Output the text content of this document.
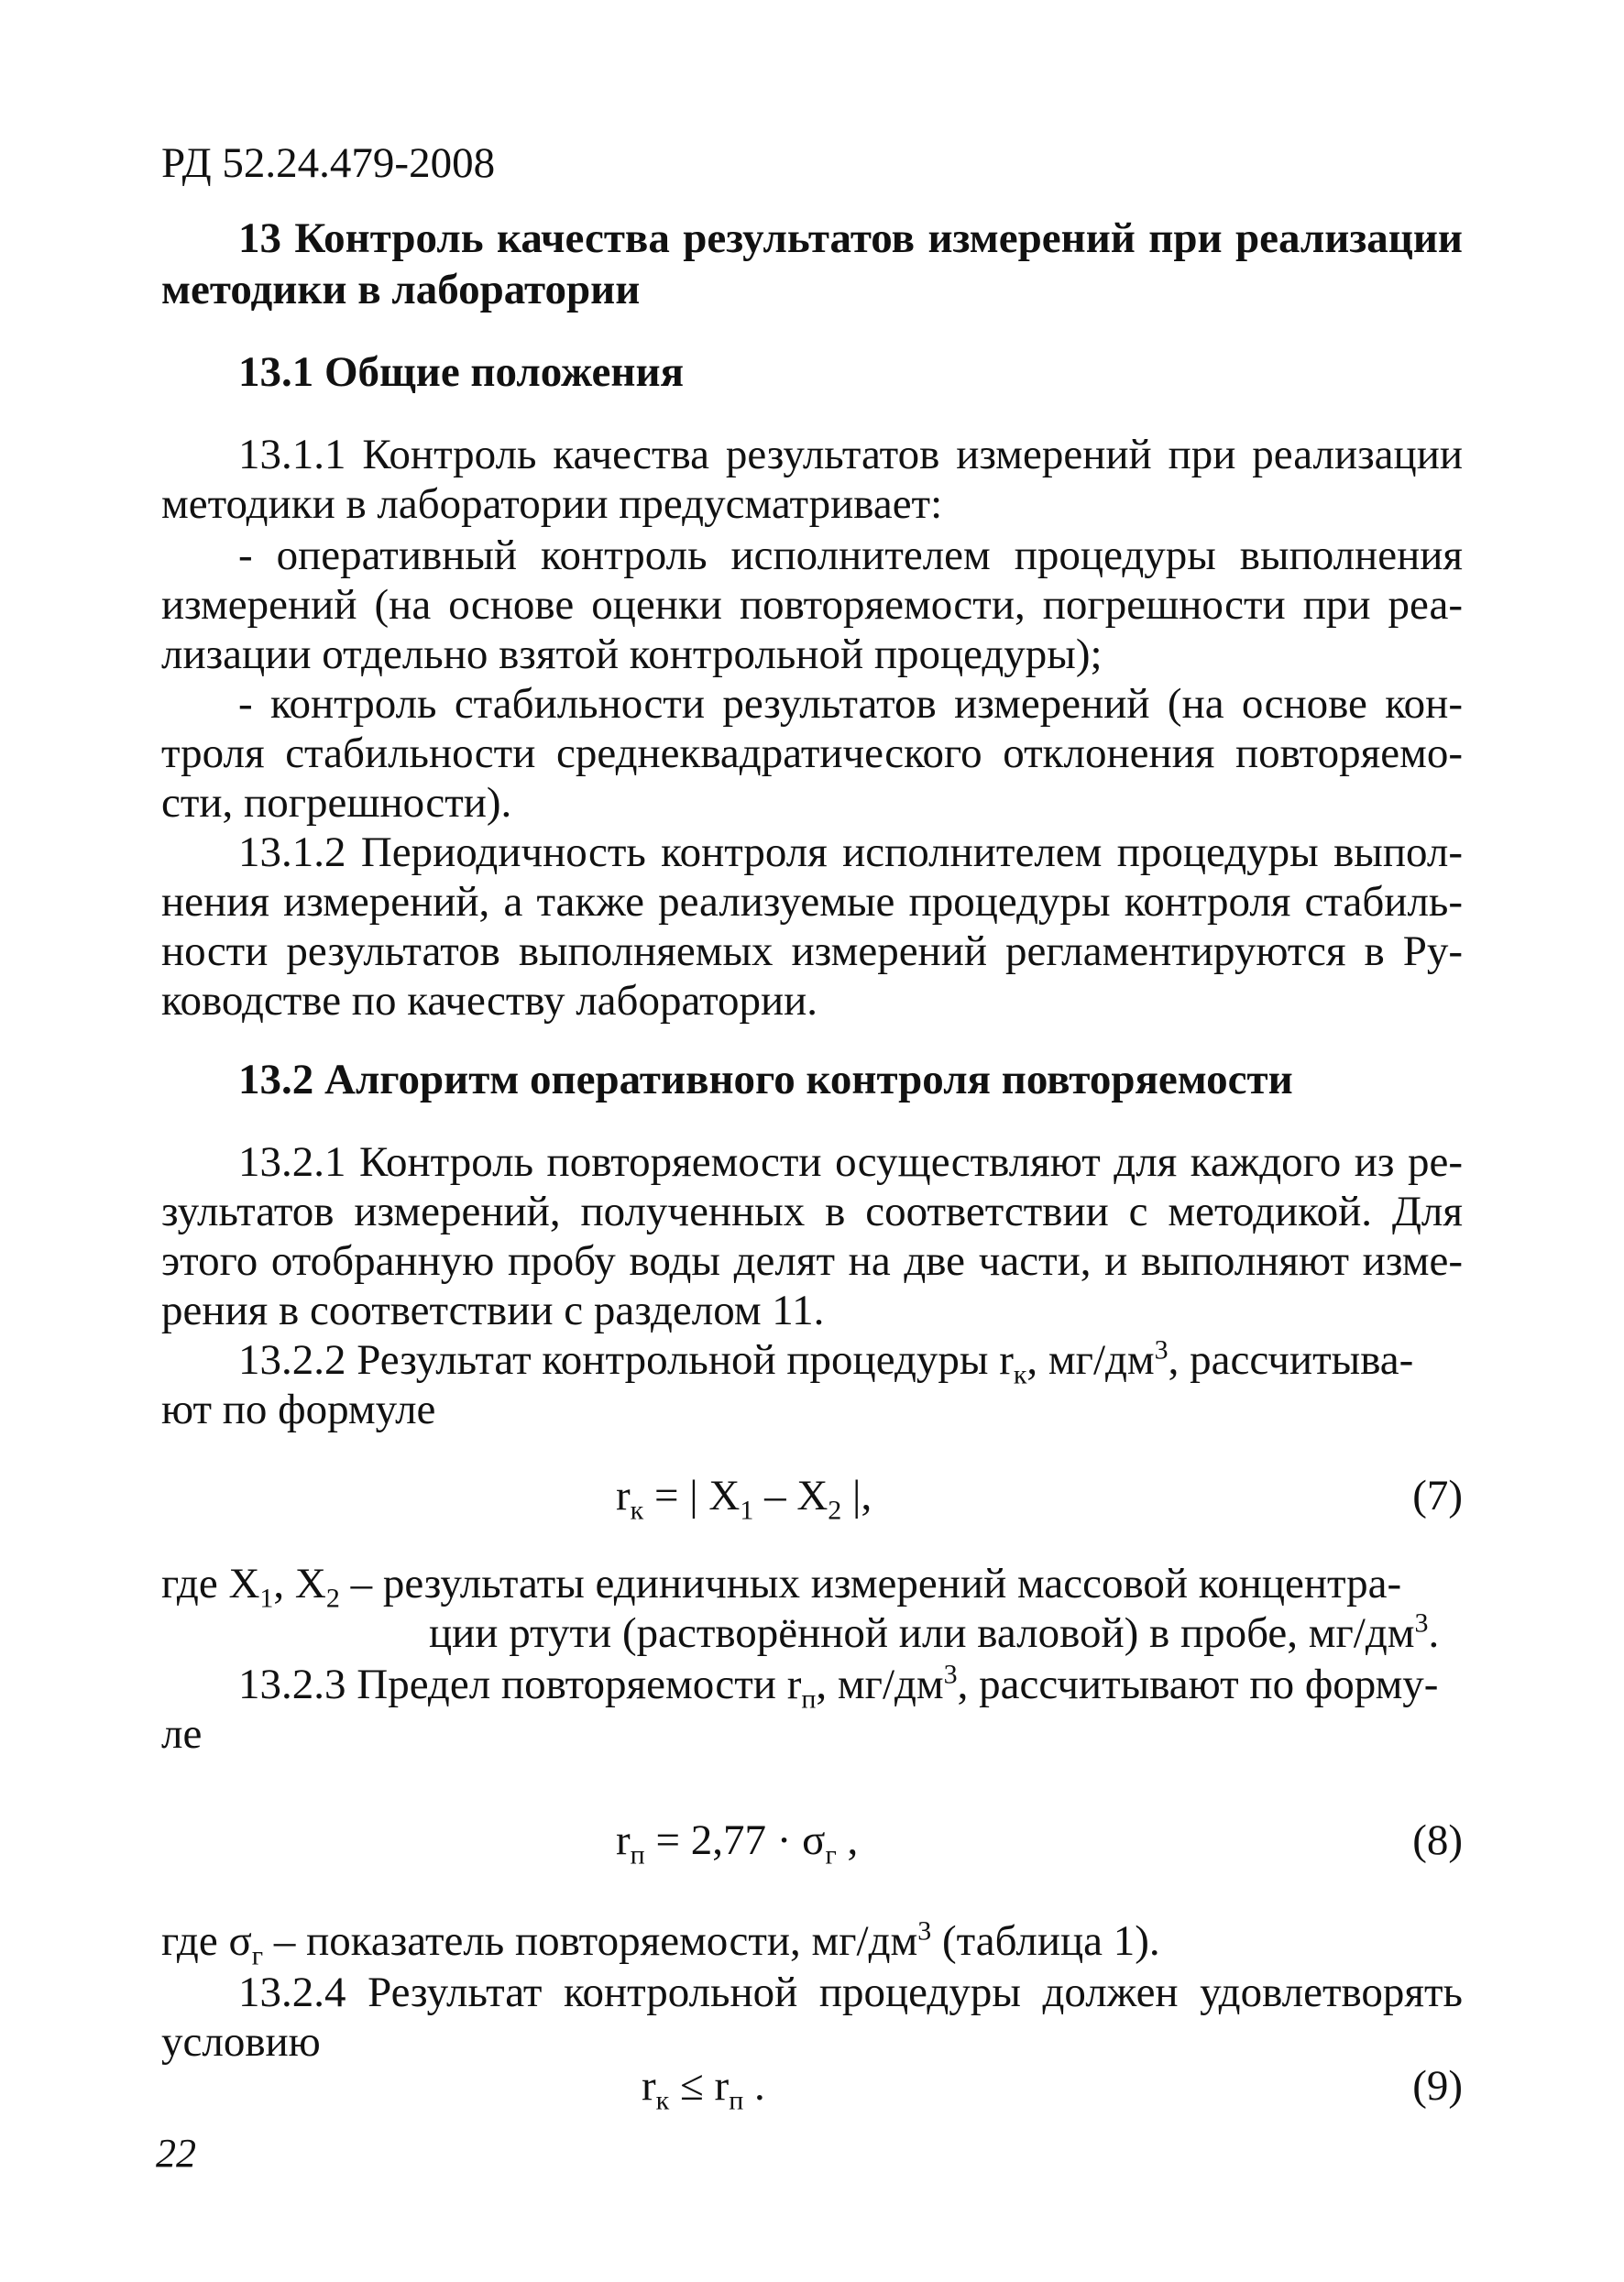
РД 52.24.479-2008
13 Контроль качества результатов измерений при реализации
методики в лаборатории
13.1 Общие положения
13.1.1 Контроль качества результатов измерений при реализации
методики в лаборатории предусматривает:
- оперативный контроль исполнителем процедуры выполнения
измерений (на основе оценки повторяемости, погрешности при реа-
лизации отдельно взятой контрольной процедуры);
- контроль стабильности результатов измерений (на основе кон-
троля стабильности среднеквадратического отклонения повторяемо-
сти, погрешности).
13.1.2 Периодичность контроля исполнителем процедуры выпол-
нения измерений, а также реализуемые процедуры контроля стабиль-
ности результатов выполняемых измерений регламентируются в Ру-
ководстве по качеству лаборатории.
13.2 Алгоритм оперативного контроля повторяемости
13.2.1 Контроль повторяемости осуществляют для каждого из ре-
зультатов измерений, полученных в соответствии с методикой. Для
этого отобранную пробу воды делят на две части, и выполняют изме-
рения в соответствии с разделом 11.
13.2.2 Результат контрольной процедуры $r_к$, $мг/дм^3$, рассчитыва-
ют по формуле
$r_к$ = | $X_1 - X_2$ |,	(7)
где $X_1$, $X_2$ – результаты единичных измерений массовой концентра-
ции ртути (растворённой или валовой) в пробе, $мг/дм^3$.
13.2.3 Предел повторяемости $r_п$, $мг/дм^3$, рассчитывают по форму-
ле
$r_п = 2,77 \cdot \sigma_г$ ,	(8)
где $\sigma_г$ – показатель повторяемости, $мг/дм^3$ (таблица 1).
13.2.4 Результат контрольной процедуры должен удовлетворять
условию
$r_к \le r_п$ .	(9)
22
